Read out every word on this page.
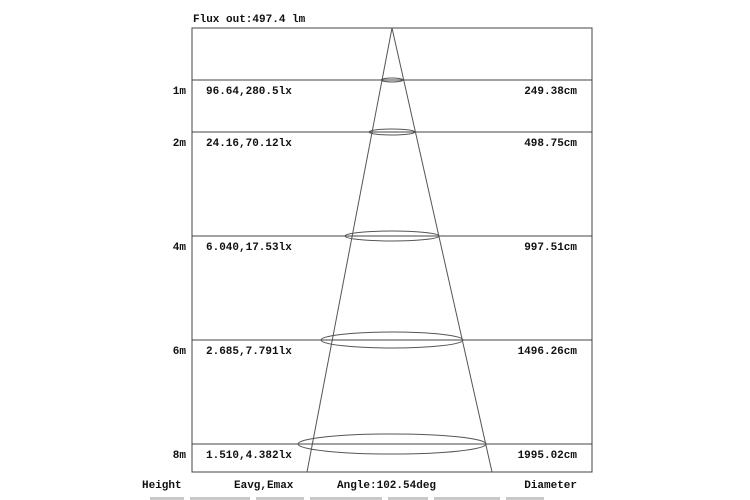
Flux out:497.4 lm
1m 96.64,280.5lx	249.38cm
2m 24.16,70.12lx	498.75cm
4m 6.040,17.53lx	997.51cm
6m 2.685,7.791lx	1496.26cm
8m 1.510,4.382lx	1995.02cm
Height	Eavg,Emax	Angle:102.54deg	Diameter
